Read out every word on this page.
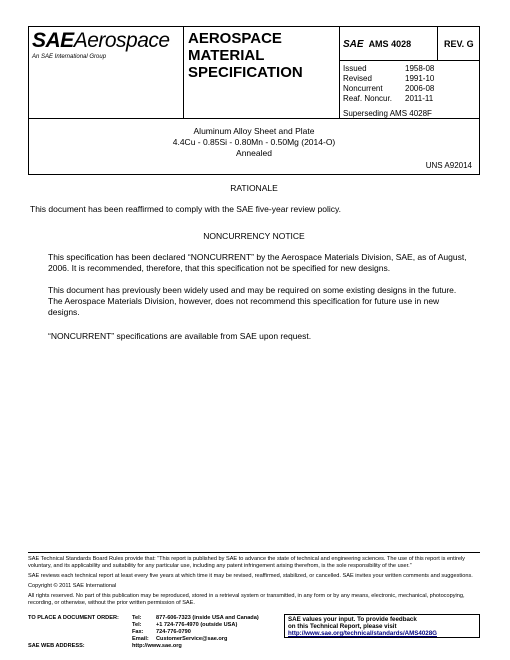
SAEAerospace
An SAE International Group
AEROSPACE
MATERIAL
SPECIFICATION
SAE AMS 4028	REV. G
Issued	1958-08
Revised	1991-10
Noncurrent	2006-08
Reaf. Noncur.	2011-11
Superseding AMS 4028F
Aluminum Alloy Sheet and Plate
4.4Cu - 0.85Si - 0.80Mn - 0.50Mg (2014-O)
Annealed
UNS A92014
RATIONALE
This document has been reaffirmed to comply with the SAE five-year review policy.
NONCURRENCY NOTICE
This specification has been declared “NONCURRENT” by the Aerospace Materials Division, SAE, as of August, 2006. It is recommended, therefore, that this specification not be specified for new designs.
This document has previously been widely used and may be required on some existing designs in the future. The Aerospace Materials Division, however, does not recommend this specification for future use in new designs.
“NONCURRENT” specifications are available from SAE upon request.

SAE Technical Standards Board Rules provide that: “This report is published by SAE to advance the state of technical and engineering sciences. The use of this report is entirely voluntary, and its applicability and suitability for any particular use, including any patent infringement arising therefrom, is the sole responsibility of the user.”

SAE reviews each technical report at least every five years at which time it may be revised, reaffirmed, stabilized, or cancelled. SAE invites your written comments and suggestions.

Copyright © 2011 SAE International

All rights reserved. No part of this publication may be reproduced, stored in a retrieval system or transmitted, in any form or by any means, electronic, mechanical, photocopying, recording, or otherwise, without the prior written permission of SAE.

TO PLACE A DOCUMENT ORDER:	Tel:	877-606-7323 (inside USA and Canada)
Tel:	+1 724-776-4970 (outside USA)
Fax:	724-776-0790
Email:	CustomerService@sae.org
SAE WEB ADDRESS:	http://www.sae.org
SAE values your input. To provide feedback
on this Technical Report, please visit
http://www.sae.org/technical/standards/AMS4028G
